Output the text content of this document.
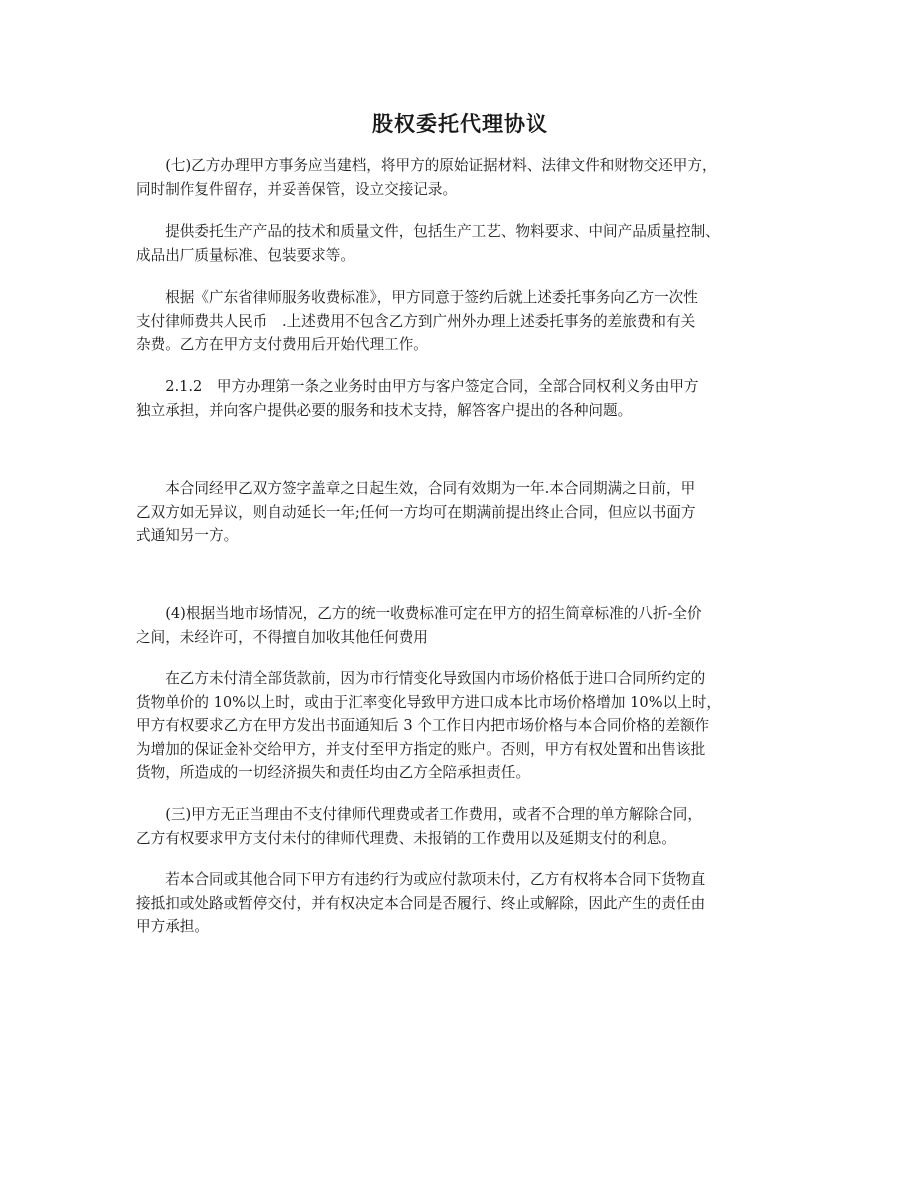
股权委托代理协议

(七)乙方办理甲方事务应当建档，将甲方的原始证据材料、法律文件和财物交还甲方，
同时制作复件留存，并妥善保管，设立交接记录。

提供委托生产产品的技术和质量文件，包括生产工艺、物料要求、中间产品质量控制、
成品出厂质量标准、包装要求等。

根据《广东省律师服务收费标准》，甲方同意于签约后就上述委托事务向乙方一次性
支付律师费共人民币　.上述费用不包含乙方到广州外办理上述委托事务的差旅费和有关
杂费。乙方在甲方支付费用后开始代理工作。

2.1.2　甲方办理第一条之业务时由甲方与客户签定合同，全部合同权利义务由甲方
独立承担，并向客户提供必要的服务和技术支持，解答客户提出的各种问题。

本合同经甲乙双方签字盖章之日起生效，合同有效期为一年.本合同期满之日前，甲
乙双方如无异议，则自动延长一年;任何一方均可在期满前提出终止合同，但应以书面方
式通知另一方。

(4)根据当地市场情况，乙方的统一收费标准可定在甲方的招生简章标准的八折-全价
之间，未经许可，不得擅自加收其他任何费用

在乙方未付清全部货款前，因为市行情变化导致国内市场价格低于进口合同所约定的
货物单价的 10%以上时，或由于汇率变化导致甲方进口成本比市场价格增加 10%以上时，
甲方有权要求乙方在甲方发出书面通知后 3 个工作日内把市场价格与本合同价格的差额作
为增加的保证金补交给甲方，并支付至甲方指定的账户。否则，甲方有权处置和出售该批
货物，所造成的一切经济损失和责任均由乙方全陪承担责任。

(三)甲方无正当理由不支付律师代理费或者工作费用，或者不合理的单方解除合同，
乙方有权要求甲方支付未付的律师代理费、未报销的工作费用以及延期支付的利息。

若本合同或其他合同下甲方有违约行为或应付款项未付，乙方有权将本合同下货物直
接抵扣或处路或暂停交付，并有权决定本合同是否履行、终止或解除，因此产生的责任由
甲方承担。
